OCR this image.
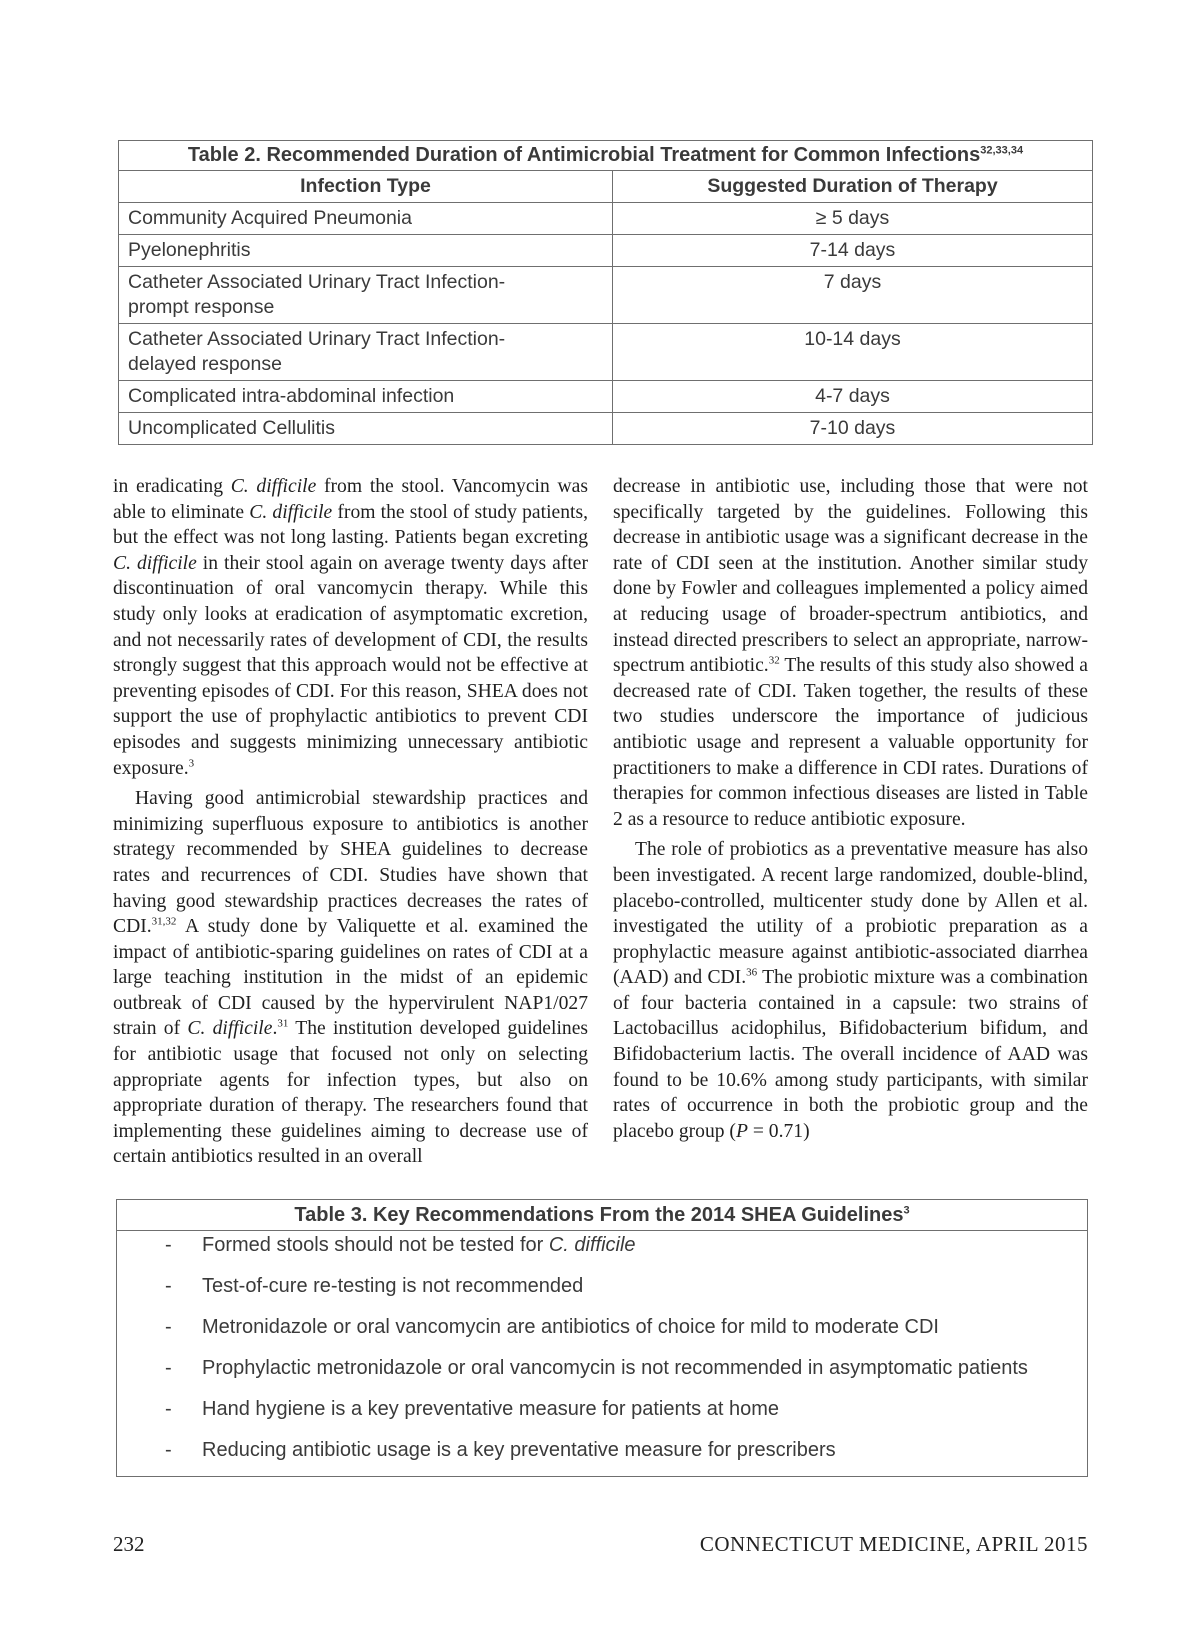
Table 2. Recommended Duration of Antimicrobial Treatment for Common Infections$^{32,33,34}$
Infection Type	Suggested Duration of Therapy
Community Acquired Pneumonia	≥ 5 days
Pyelonephritis	7-14 days
Catheter Associated Urinary Tract Infection-prompt response	7 days
Catheter Associated Urinary Tract Infection-delayed response	10-14 days
Complicated intra-abdominal infection	4-7 days
Uncomplicated Cellulitis	7-10 days

in eradicating C. difficile from the stool. Vancomycin was able to eliminate C. difficile from the stool of study patients, but the effect was not long lasting. Patients began excreting C. difficile in their stool again on average twenty days after discontinuation of oral vancomycin therapy. While this study only looks at eradication of asymptomatic excretion, and not necessarily rates of development of CDI, the results strongly suggest that this approach would not be effective at preventing episodes of CDI. For this reason, SHEA does not support the use of prophylactic antibiotics to prevent CDI episodes and suggests minimizing unnecessary antibiotic exposure.$^3$

Having good antimicrobial stewardship practices and minimizing superfluous exposure to antibiotics is another strategy recommended by SHEA guidelines to decrease rates and recurrences of CDI. Studies have shown that having good stewardship practices decreases the rates of CDI.$^{31,32}$ A study done by Valiquette et al. examined the impact of antibiotic-sparing guidelines on rates of CDI at a large teaching institution in the midst of an epidemic outbreak of CDI caused by the hypervirulent NAP1/027 strain of C. difficile.$^{31}$ The institution developed guidelines for antibiotic usage that focused not only on selecting appropriate agents for infection types, but also on appropriate duration of therapy. The researchers found that implementing these guidelines aiming to decrease use of certain antibiotics resulted in an overall

decrease in antibiotic use, including those that were not specifically targeted by the guidelines. Following this decrease in antibiotic usage was a significant decrease in the rate of CDI seen at the institution. Another similar study done by Fowler and colleagues implemented a policy aimed at reducing usage of broader-spectrum antibiotics, and instead directed prescribers to select an appropriate, narrow-spectrum antibiotic.$^{32}$ The results of this study also showed a decreased rate of CDI. Taken together, the results of these two studies underscore the importance of judicious antibiotic usage and represent a valuable opportunity for practitioners to make a difference in CDI rates. Durations of therapies for common infectious diseases are listed in Table 2 as a resource to reduce antibiotic exposure.

The role of probiotics as a preventative measure has also been investigated. A recent large randomized, double-blind, placebo-controlled, multicenter study done by Allen et al. investigated the utility of a probiotic preparation as a prophylactic measure against antibiotic-associated diarrhea (AAD) and CDI.$^{36}$ The probiotic mixture was a combination of four bacteria contained in a capsule: two strains of Lactobacillus acidophilus, Bifidobacterium bifidum, and Bifidobacterium lactis. The overall incidence of AAD was found to be 10.6% among study participants, with similar rates of occurrence in both the probiotic group and the placebo group (P = 0.71)

Table 3. Key Recommendations From the 2014 SHEA Guidelines$^3$
- Formed stools should not be tested for C. difficile
- Test-of-cure re-testing is not recommended
- Metronidazole or oral vancomycin are antibiotics of choice for mild to moderate CDI
- Prophylactic metronidazole or oral vancomycin is not recommended in asymptomatic patients
- Hand hygiene is a key preventative measure for patients at home
- Reducing antibiotic usage is a key preventative measure for prescribers
232	CONNECTICUT MEDICINE, APRIL 2015
